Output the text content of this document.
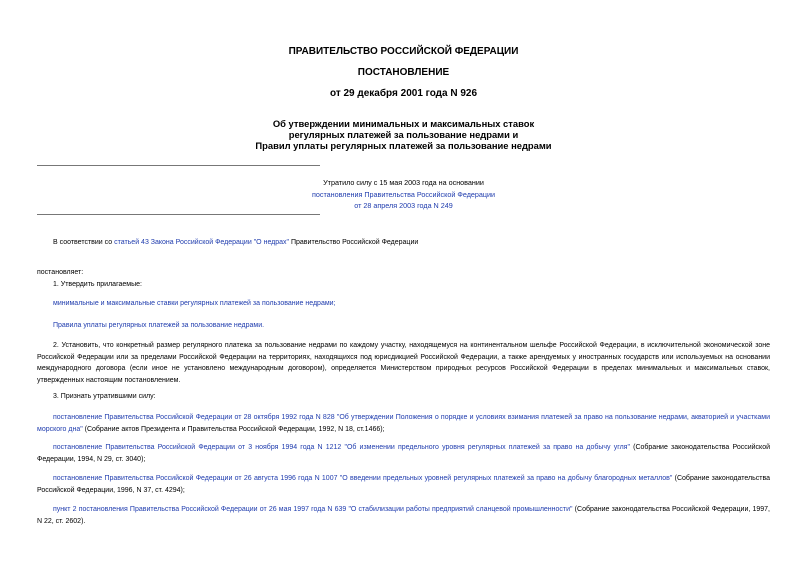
ПРАВИТЕЛЬСТВО РОССИЙСКОЙ ФЕДЕРАЦИИ
ПОСТАНОВЛЕНИЕ
от 29 декабря 2001 года N 926
Об утверждении минимальных и максимальных ставок
регулярных платежей за пользование недрами и
Правил уплаты регулярных платежей за пользование недрами
Утратило силу с 15 мая 2003 года на основании
постановления Правительства Российской Федерации
от 28 апреля 2003 года N 249
В соответствии со статьей 43 Закона Российской Федерации "О недрах" Правительство Российской Федерации
постановляет:
1. Утвердить прилагаемые:
минимальные и максимальные ставки регулярных платежей за пользование недрами;
Правила уплаты регулярных платежей за пользование недрами.
2. Установить, что конкретный размер регулярного платежа за пользование недрами по каждому участку, находящемуся на континентальном шельфе Российской Федерации, в исключительной экономической зоне Российской Федерации или за пределами Российской Федерации на территориях, находящихся под юрисдикцией Российской Федерации, а также арендуемых у иностранных государств или используемых на основании международного договора (если иное не установлено международным договором), определяется Министерством природных ресурсов Российской Федерации в пределах минимальных и максимальных ставок, утвержденных настоящим постановлением.
3. Признать утратившими силу:
постановление Правительства Российской Федерации от 28 октября 1992 года N 828 "Об утверждении Положения о порядке и условиях взимания платежей за право на пользование недрами, акваторией и участками морского дна" (Собрание актов Президента и Правительства Российской Федерации, 1992, N 18, ст.1466);
постановление Правительства Российской Федерации от 3 ноября 1994 года N 1212 "Об изменении предельного уровня регулярных платежей за право на добычу угля" (Собрание законодательства Российской Федерации, 1994, N 29, ст. 3040);
постановление Правительства Российской Федерации от 26 августа 1996 года N 1007 "О введении предельных уровней регулярных платежей за право на добычу благородных металлов" (Собрание законодательства Российской Федерации, 1996, N 37, ст. 4294);
пункт 2 постановления Правительства Российской Федерации от 26 мая 1997 года N 639 "О стабилизации работы предприятий сланцевой промышленности" (Собрание законодательства Российской Федерации, 1997, N 22, ст. 2602).
